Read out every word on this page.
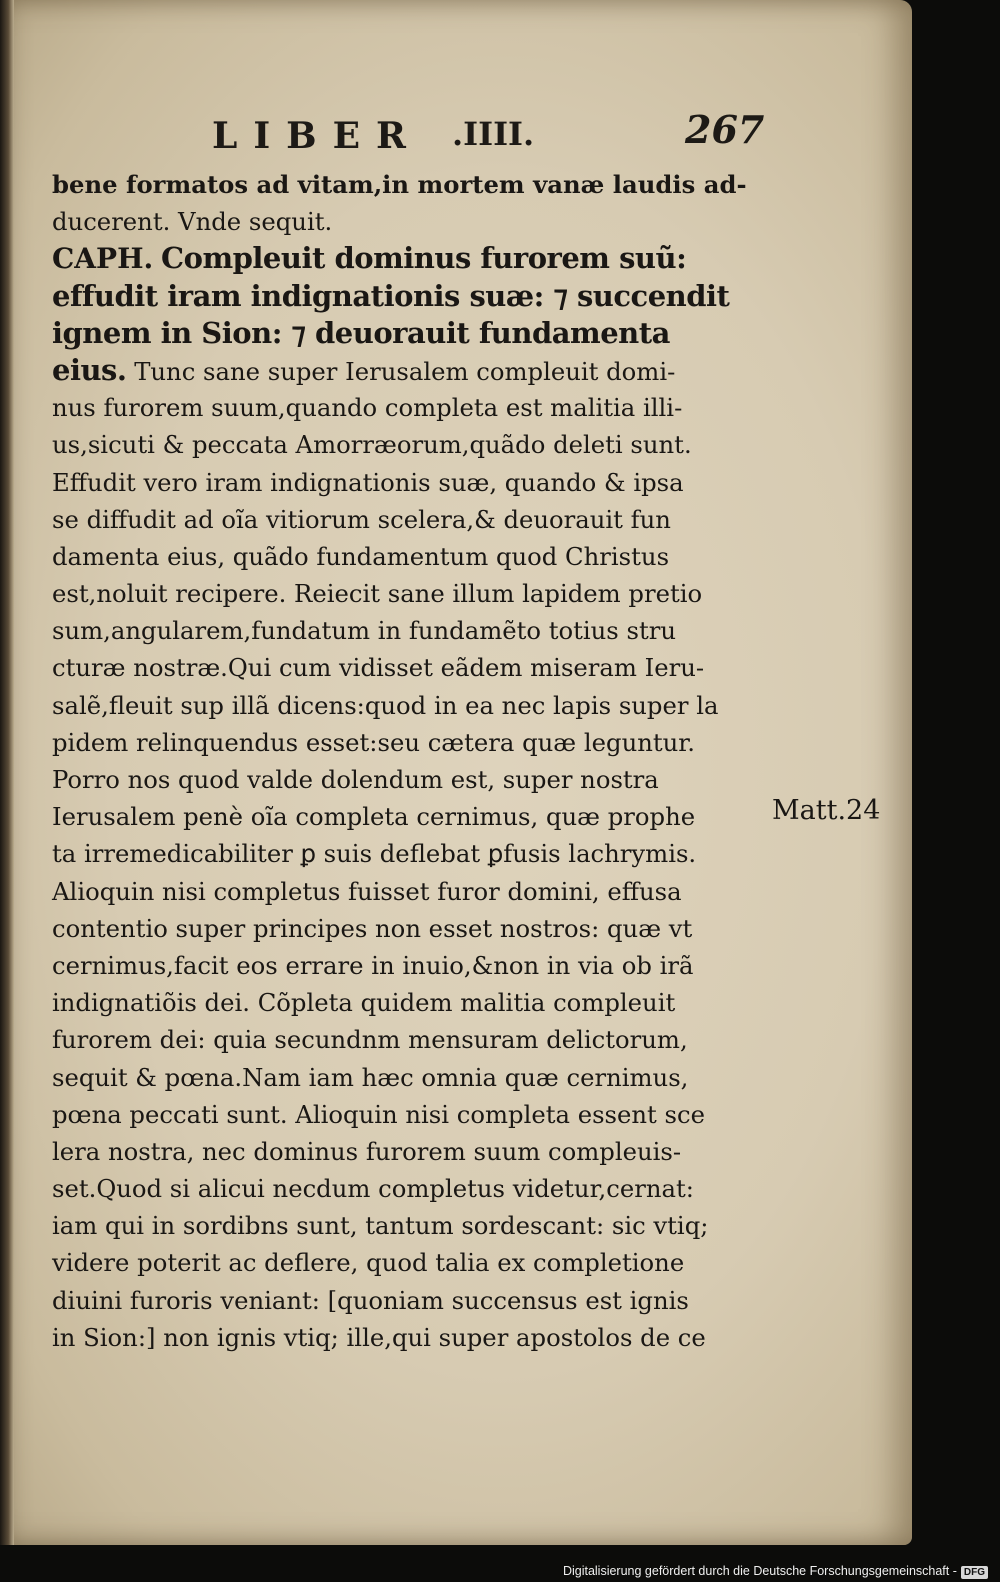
LIBER .IIII.	267
bene formatos ad vitam,in mortem vanæ laudis ad-
ducerent. Vnde sequit.
CAPH. Compleuit dominus furorem suũ:
effudit iram indignationis suæ: ⁊ succendit
ignem in Sion: ⁊ deuorauit fundamenta
eius. Tunc sane super Ierusalem compleuit domi-
nus furorem suum,quando completa est malitia illi-
us,sicuti & peccata Amorræorum,quãdo deleti sunt.
Effudit vero iram indignationis suæ, quando & ipsa
se diffudit ad oĩa vitiorum scelera,& deuorauit fun
damenta eius, quãdo fundamentum quod Christus
est,noluit recipere. Reiecit sane illum lapidem pretio
sum,angularem,fundatum in fundamẽto totius stru
cturæ nostræ.Qui cum vidisset eãdem miseram Ieru-
salẽ,fleuit sup illã dicens:quod in ea nec lapis super la
pidem relinquendus esset:seu cætera quæ leguntur.
Porro nos quod valde dolendum est, super nostra
Ierusalem penè oĩa completa cernimus, quæ prophe
ta irremedicabiliter ꝑ suis deflebat ꝑfusis lachrymis.
Alioquin nisi completus fuisset furor domini, effusa
contentio super principes non esset nostros: quæ vt
cernimus,facit eos errare in inuio,&non in via ob irã
indignatiõis dei. Cõpleta quidem malitia compleuit
furorem dei: quia secundnm mensuram delictorum,
sequit & pœna.Nam iam hæc omnia quæ cernimus,
pœna peccati sunt. Alioquin nisi completa essent sce
lera nostra, nec dominus furorem suum compleuis-
set.Quod si alicui necdum completus videtur,cernat:
iam qui in sordibns sunt, tantum sordescant: sic vtiq;
videre poterit ac deflere, quod talia ex completione
diuini furoris veniant: [quoniam succensus est ignis
in Sion:] non ignis vtiq; ille,qui super apostolos de ce
Matt.24
Digitalisierung gefördert durch die Deutsche Forschungsgemeinschaft - DFG
